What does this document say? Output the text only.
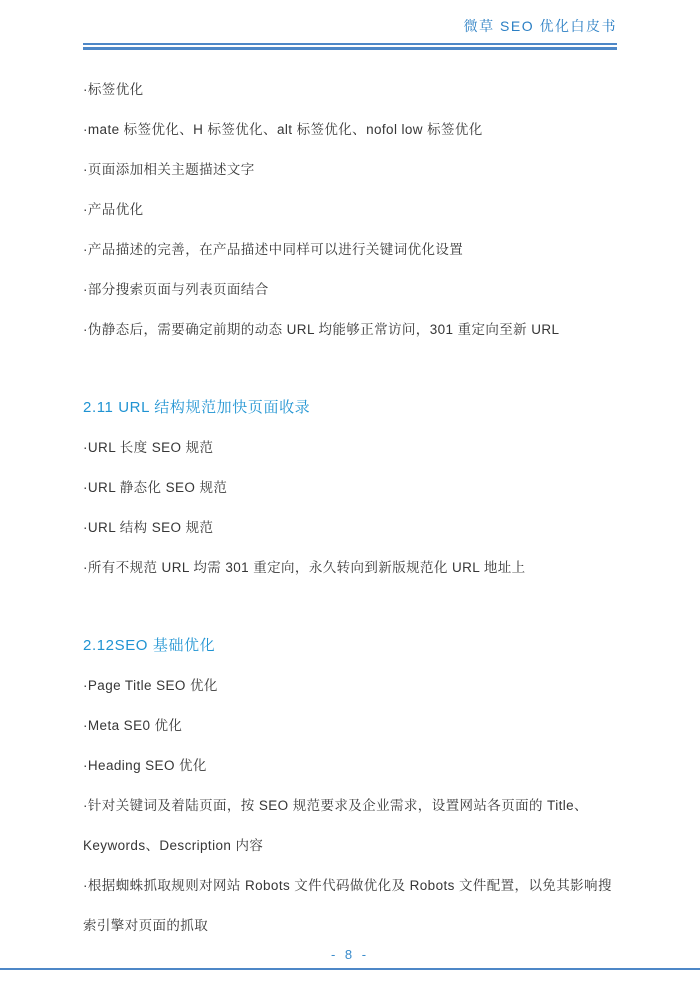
微草 SEO 优化白皮书
·标签优化
·mate 标签优化、H 标签优化、alt 标签优化、nofol low 标签优化
·页面添加相关主题描述文字
·产品优化
·产品描述的完善，在产品描述中同样可以进行关键词优化设置
·部分搜索页面与列表页面结合
·伪静态后，需要确定前期的动态 URL 均能够正常访问，301 重定向至新 URL
2.11 URL 结构规范加快页面收录
·URL 长度 SEO 规范
·URL 静态化 SEO 规范
·URL 结构 SEO 规范
·所有不规范 URL 均需 301 重定向，永久转向到新版规范化 URL 地址上
2.12SEO 基础优化
·Page Title SEO 优化
·Meta SE0 优化
·Heading SEO 优化
·针对关键词及着陆页面，按 SEO 规范要求及企业需求，设置网站各页面的 Title、
Keywords、Description 内容
·根据蜘蛛抓取规则对网站 Robots 文件代码做优化及 Robots 文件配置，以免其影响搜
索引擎对页面的抓取
- 8 -
